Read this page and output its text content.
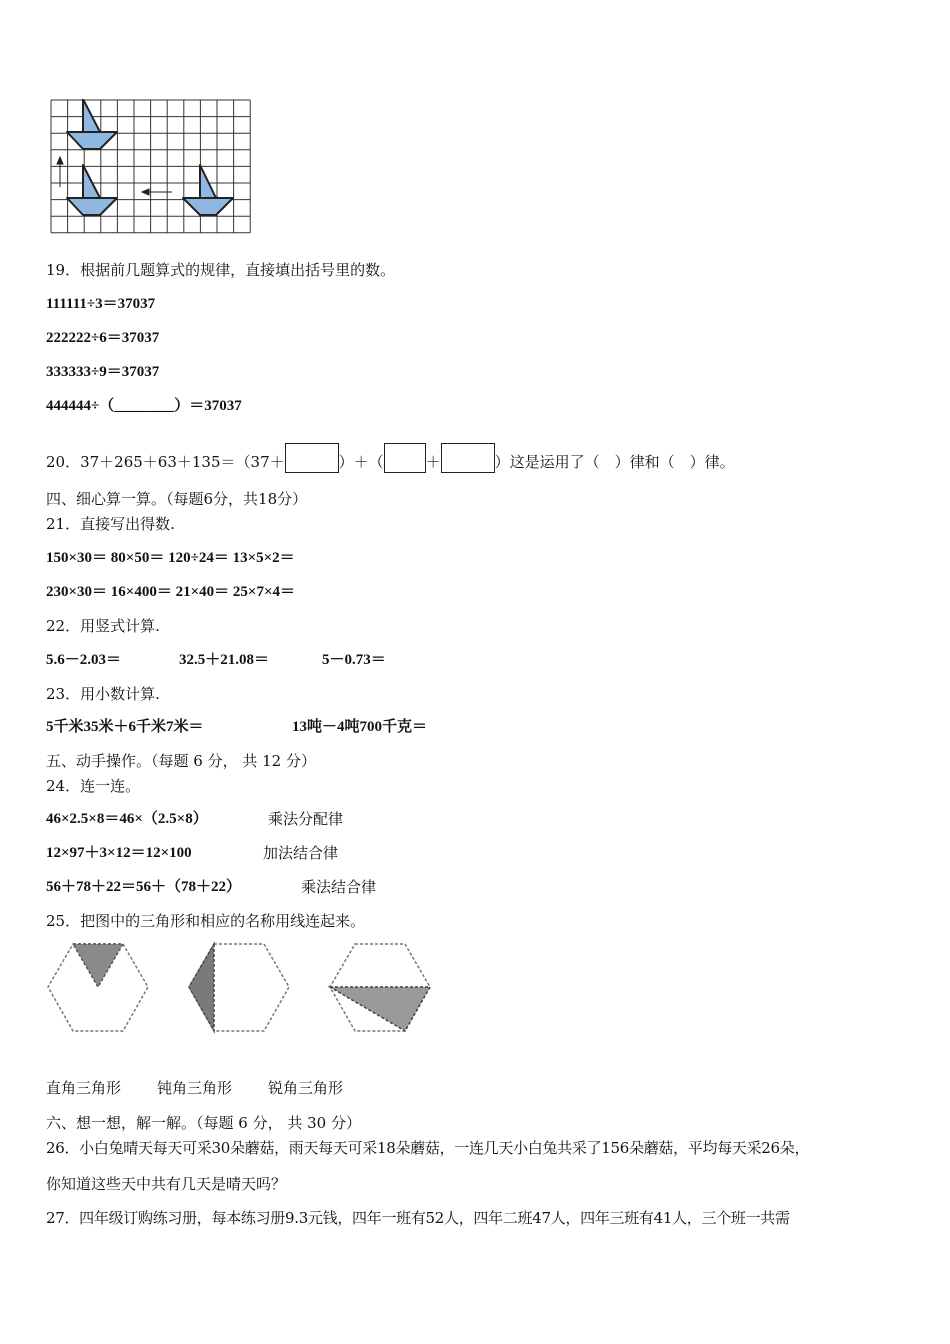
19．根据前几题算式的规律，直接填出括号里的数。
111111÷3＝37037
222222÷6＝37037
333333÷9＝37037
444444÷（________）＝37037
20．37＋265＋63＋135＝（37＋	）＋（	＋	）这是运用了（　）律和（　）律。
四、细心算一算。（每题6分，共18分）
21．直接写出得数.
150×30＝ 80×50＝ 120÷24＝ 13×5×2＝
230×30＝ 16×400＝ 21×40＝ 25×7×4＝
22．用竖式计算.
5.6－2.03＝	32.5＋21.08＝	5－0.73＝
23．用小数计算.
5千米35米＋6千米7米＝	13吨－4吨700千克＝
五、动手操作。（每题 6 分， 共 12 分）
24．连一连。
46×2.5×8＝46×（2.5×8）	乘法分配律
12×97＋3×12＝12×100	加法结合律
56＋78＋22＝56＋（78＋22）	乘法结合律
25．把图中的三角形和相应的名称用线连起来。
直角三角形 钝角三角形 锐角三角形
六、想一想，解一解。（每题 6 分， 共 30 分）
26．小白兔晴天每天可采30朵蘑菇，雨天每天可采18朵蘑菇，一连几天小白兔共采了156朵蘑菇，平均每天采26朵，
你知道这些天中共有几天是晴天吗？
27．四年级订购练习册，每本练习册9.3元钱，四年一班有52人，四年二班47人，四年三班有41人，三个班一共需
